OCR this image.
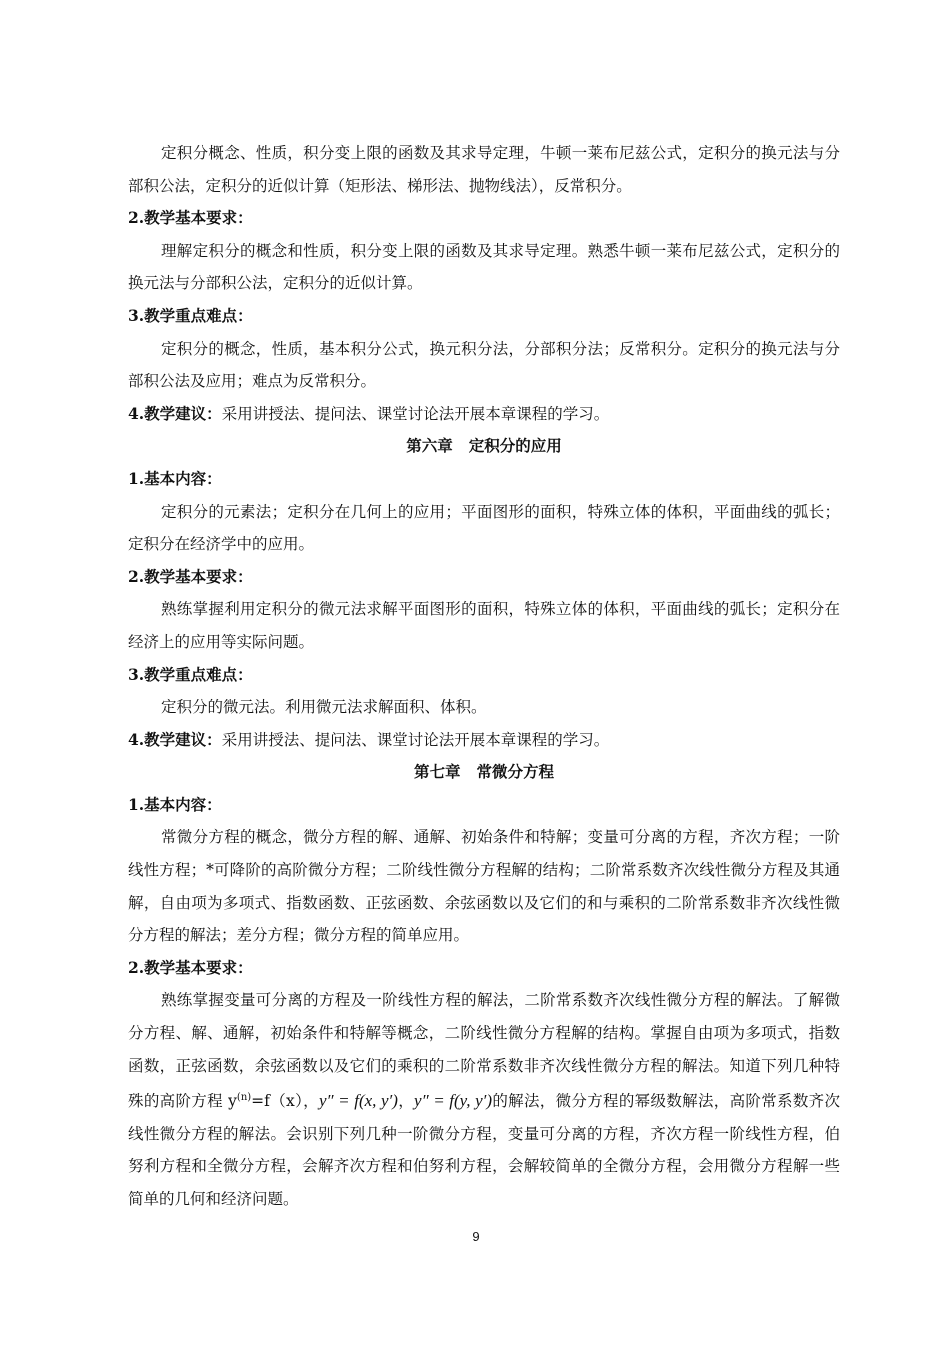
定积分概念、性质，积分变上限的函数及其求导定理，牛顿一莱布尼兹公式，定积分的换元法与分部积公法，定积分的近似计算（矩形法、梯形法、抛物线法），反常积分。

2.教学基本要求：

理解定积分的概念和性质，积分变上限的函数及其求导定理。熟悉牛顿一莱布尼兹公式，定积分的换元法与分部积公法，定积分的近似计算。

3.教学重点难点：

定积分的概念，性质，基本积分公式，换元积分法，分部积分法；反常积分。定积分的换元法与分部积公法及应用；难点为反常积分。

4.教学建议：采用讲授法、提问法、课堂讨论法开展本章课程的学习。

第六章 定积分的应用

1.基本内容：

定积分的元素法；定积分在几何上的应用；平面图形的面积，特殊立体的体积，平面曲线的弧长；定积分在经济学中的应用。

2.教学基本要求：

熟练掌握利用定积分的微元法求解平面图形的面积，特殊立体的体积，平面曲线的弧长；定积分在经济上的应用等实际问题。

3.教学重点难点：

定积分的微元法。利用微元法求解面积、体积。

4.教学建议：采用讲授法、提问法、课堂讨论法开展本章课程的学习。

第七章 常微分方程

1.基本内容：

常微分方程的概念，微分方程的解、通解、初始条件和特解；变量可分离的方程，齐次方程；一阶线性方程；*可降阶的高阶微分方程；二阶线性微分方程解的结构；二阶常系数齐次线性微分方程及其通解，自由项为多项式、指数函数、正弦函数、余弦函数以及它们的和与乘积的二阶常系数非齐次线性微分方程的解法；差分方程；微分方程的简单应用。

2.教学基本要求：

熟练掌握变量可分离的方程及一阶线性方程的解法，二阶常系数齐次线性微分方程的解法。了解微分方程、解、通解，初始条件和特解等概念，二阶线性微分方程解的结构。掌握自由项为多项式，指数函数，正弦函数，余弦函数以及它们的乘积的二阶常系数非齐次线性微分方程的解法。知道下列几种特殊的高阶方程 $y^{(n)}=f(x)$，y″ = f(x, y′)，y″ = f(y, y′)的解法，微分方程的幂级数解法，高阶常系数齐次线性微分方程的解法。会识别下列几种一阶微分方程，变量可分离的方程，齐次方程一阶线性方程，伯努利方程和全微分方程，会解齐次方程和伯努利方程，会解较简单的全微分方程，会用微分方程解一些简单的几何和经济问题。

9
